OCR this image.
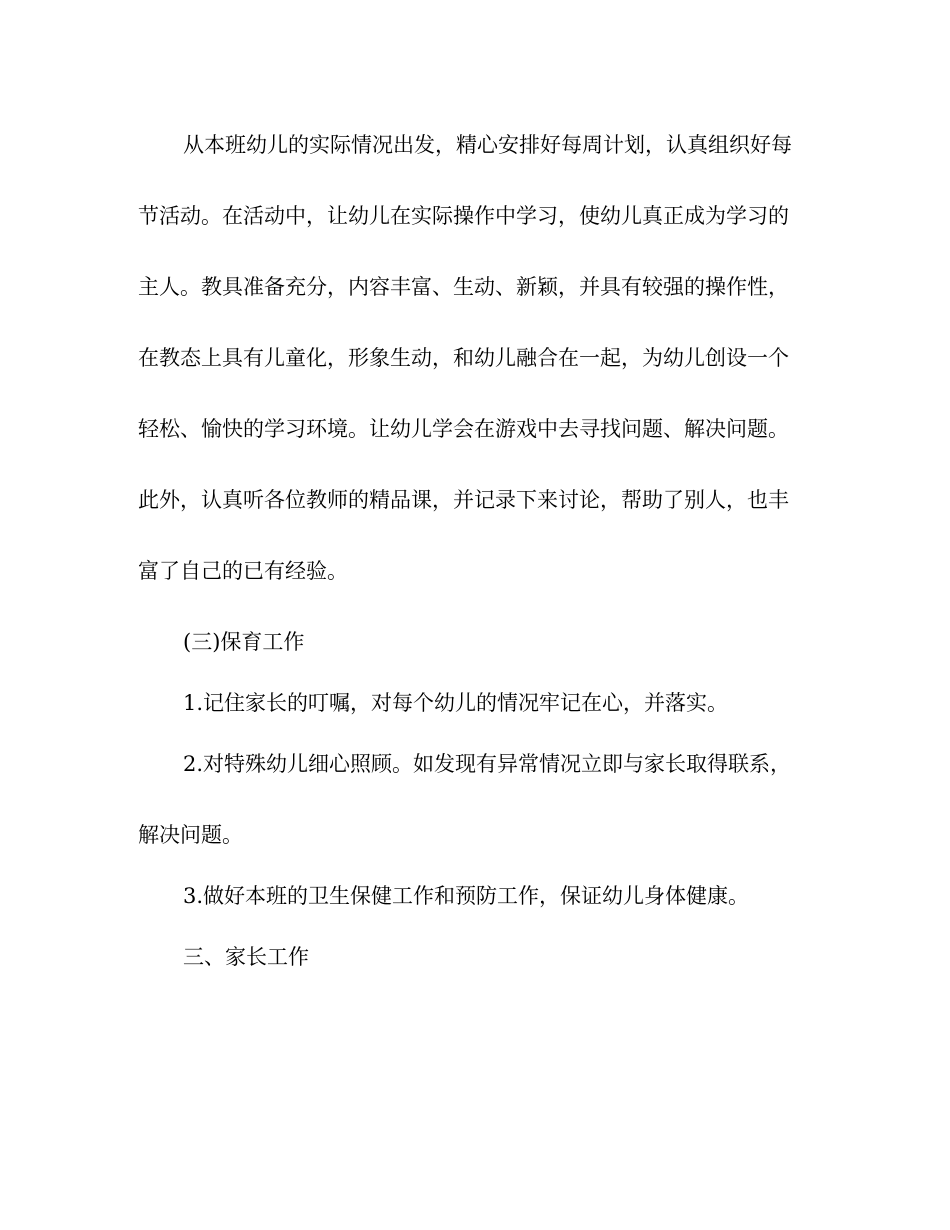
从本班幼儿的实际情况出发，精心安排好每周计划，认真组织好每

节活动。在活动中，让幼儿在实际操作中学习，使幼儿真正成为学习的

主人。教具准备充分，内容丰富、生动、新颖，并具有较强的操作性，

在教态上具有儿童化，形象生动，和幼儿融合在一起，为幼儿创设一个

轻松、愉快的学习环境。让幼儿学会在游戏中去寻找问题、解决问题。

此外，认真听各位教师的精品课，并记录下来讨论，帮助了别人，也丰

富了自己的已有经验。

(三)保育工作

1.记住家长的叮嘱，对每个幼儿的情况牢记在心，并落实。

2.对特殊幼儿细心照顾。如发现有异常情况立即与家长取得联系，

解决问题。

3.做好本班的卫生保健工作和预防工作，保证幼儿身体健康。

三、家长工作
